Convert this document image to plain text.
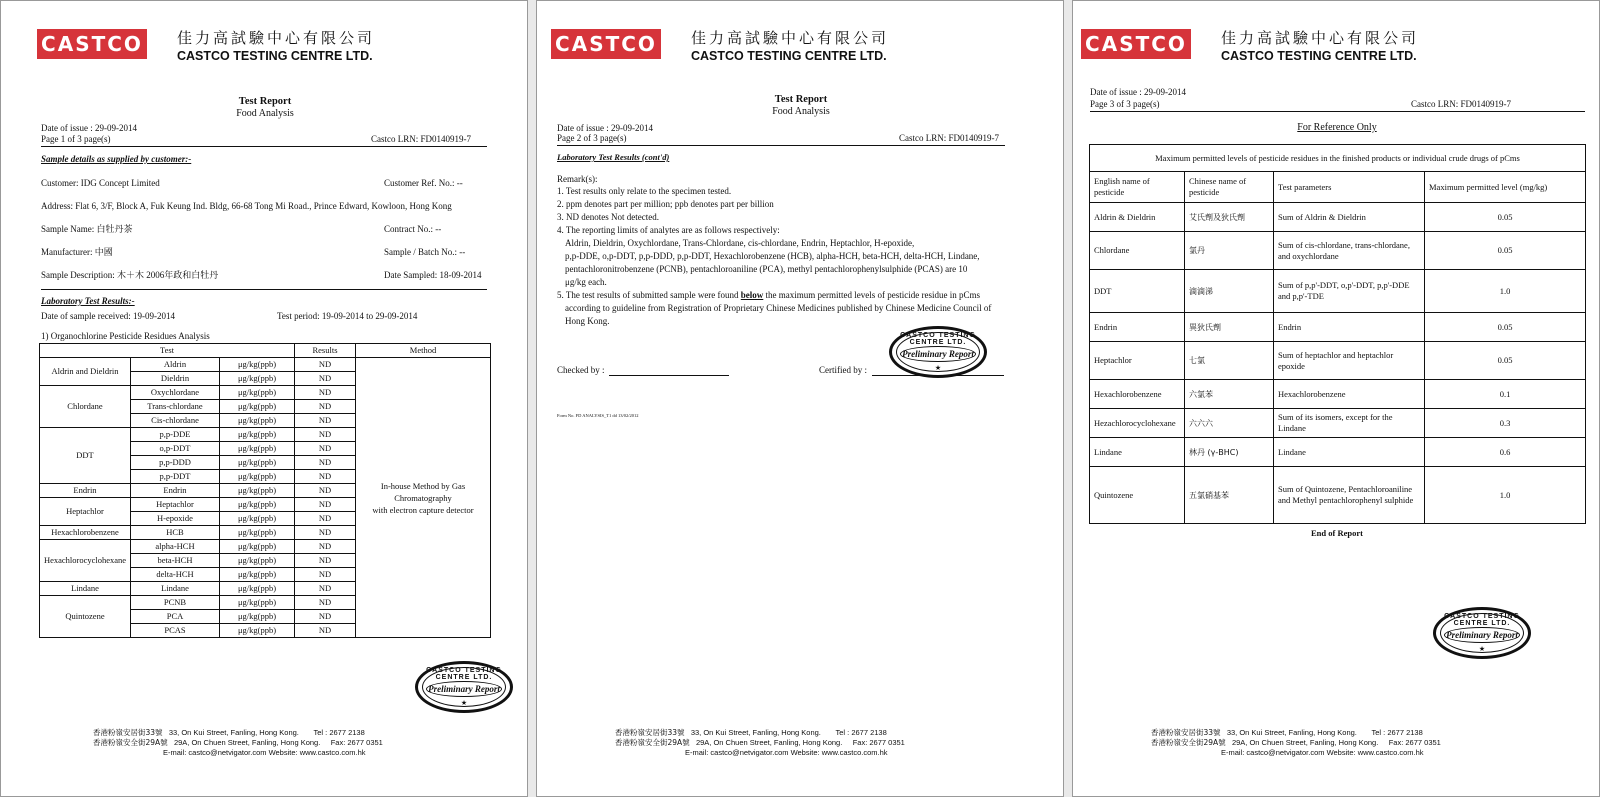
CASTCO 佳力高試驗中心有限公司
CASTCO TESTING CENTRE LTD.
Test Report
Food Analysis
Date of issue : 29-09-2014
Page 1 of 3 page(s)	Castco LRN: FD0140919-7
Sample details as supplied by customer:-
Customer: IDG Concept Limited	Customer Ref. No.: --
Address: Flat 6, 3/F, Block A, Fuk Keung Ind. Bldg, 66-68 Tong Mi Road., Prince Edward, Kowloon, Hong Kong
Sample Name: 白牡丹茶	Contract No.: --
Manufacturer: 中國	Sample / Batch No.: --
Sample Description: 木＋木 2006年政和白牡丹	Date Sampled: 18-09-2014
Laboratory Test Results:-
Date of sample received: 19-09-2014	Test period: 19-09-2014 to 29-09-2014
1) Organochlorine Pesticide Residues Analysis
Test			Results	Method
Aldrin and Dieldrin	Aldrin	μg/kg(ppb)	ND	In-house Method by Gas Chromatography
with electron capture detector

	Dieldrin	μg/kg(ppb)	ND	
Chlordane	Oxychlordane	μg/kg(ppb)	ND	
	Trans-chlordane	μg/kg(ppb)	ND	
	Cis-chlordane	μg/kg(ppb)	ND	
DDT	p,p-DDE	μg/kg(ppb)	ND	
	o,p-DDT	μg/kg(ppb)	ND	
	p,p-DDD	μg/kg(ppb)	ND	
	p,p-DDT	μg/kg(ppb)	ND	
Endrin	Endrin	μg/kg(ppb)	ND	
Heptachlor	Heptachlor	μg/kg(ppb)	ND	
	H-epoxide	μg/kg(ppb)	ND	
Hexachlorobenzene	HCB	μg/kg(ppb)	ND	
Hexachlorocyclohexane	alpha-HCH	μg/kg(ppb)	ND	
	beta-HCH	μg/kg(ppb)	ND	
	delta-HCH	μg/kg(ppb)	ND	
Lindane	Lindane	μg/kg(ppb)	ND	
Quintozene	PCNB	μg/kg(ppb)	ND	
	PCA	μg/kg(ppb)	ND	
	PCAS	μg/kg(ppb)	ND	
CASTCO TESTING CENTRE LTD.
Preliminary Report
★
香港粉嶺安居街33號 33, On Kui Street, Fanling, Hong Kong. Tel : 2677 2138
香港粉嶺安全街29A號 29A, On Chuen Street, Fanling, Hong Kong. Fax: 2677 0351
E-mail: castco@netvigator.com Website: www.castco.com.hk
CASTCO 佳力高試驗中心有限公司
CASTCO TESTING CENTRE LTD.
Test Report
Food Analysis
Date of issue : 29-09-2014
Page 2 of 3 page(s)	Castco LRN: FD0140919-7
Laboratory Test Results (cont'd)
Remark(s):
1. Test results only relate to the specimen tested.
2. ppm denotes part per million; ppb denotes part per billion
3. ND denotes Not detected.
4. The reporting limits of analytes are as follows respectively:
Aldrin, Dieldrin, Oxychlordane, Trans-Chlordane, cis-chlordane, Endrin, Heptachlor, H-epoxide,
p,p-DDE, o,p-DDT, p,p-DDD, p,p-DDT, Hexachlorobenzene (HCB), alpha-HCH, beta-HCH, delta-HCH, Lindane,
pentachloronitrobenzene (PCNB), pentachloroaniline (PCA), methyl pentachlorophenylsulphide (PCAS) are 10
μg/kg each.
5. The test results of submitted sample were found below the maximum permitted levels of pesticide residue in pCms
according to guideline from Registration of Proprietary Chinese Medicines published by Chinese Medicine Council of
Hong Kong.
Checked by :	Certified by :
CASTCO TESTING CENTRE LTD.
Preliminary Report
★
Form No. FD ANALYSIS_T1 dd 13/02/2012
香港粉嶺安居街33號 33, On Kui Street, Fanling, Hong Kong. Tel : 2677 2138
香港粉嶺安全街29A號 29A, On Chuen Street, Fanling, Hong Kong. Fax: 2677 0351
E-mail: castco@netvigator.com Website: www.castco.com.hk
CASTCO 佳力高試驗中心有限公司
CASTCO TESTING CENTRE LTD.
Date of issue : 29-09-2014
Page 3 of 3 page(s)	Castco LRN: FD0140919-7
For Reference Only
Maximum permitted levels of pesticide residues in the finished products or individual crude drugs of pCms			
English name of pesticide	Chinese name of pesticide	Test parameters	Maximum permitted level (mg/kg)
Aldrin & Dieldrin	艾氏劑及狄氏劑	Sum of Aldrin & Dieldrin	0.05
Chlordane	氯丹	Sum of cis-chlordane, trans-chlordane, and oxychlordane	0.05
DDT	滴滴涕	Sum of p,p'-DDT, o,p'-DDT, p,p'-DDE and p,p'-TDE	1.0
Endrin	異狄氏劑	Endrin	0.05
Heptachlor	七氯	Sum of heptachlor and heptachlor epoxide	0.05
Hexachlorobenzene	六氯苯	Hexachlorobenzene	0.1
Hezachlorocyclohexane	六六六	Sum of its isomers, except for the Lindane	0.3
Lindane	林丹 (γ-BHC)	Lindane	0.6
Quintozene	五氯硝基苯	Sum of Quintozene, Pentachloroaniline and Methyl pentachlorophenyl sulphide	1.0
End of Report
CASTCO TESTING CENTRE LTD.
Preliminary Report
★
香港粉嶺安居街33號 33, On Kui Street, Fanling, Hong Kong. Tel : 2677 2138
香港粉嶺安全街29A號 29A, On Chuen Street, Fanling, Hong Kong. Fax: 2677 0351
E-mail: castco@netvigator.com Website: www.castco.com.hk
